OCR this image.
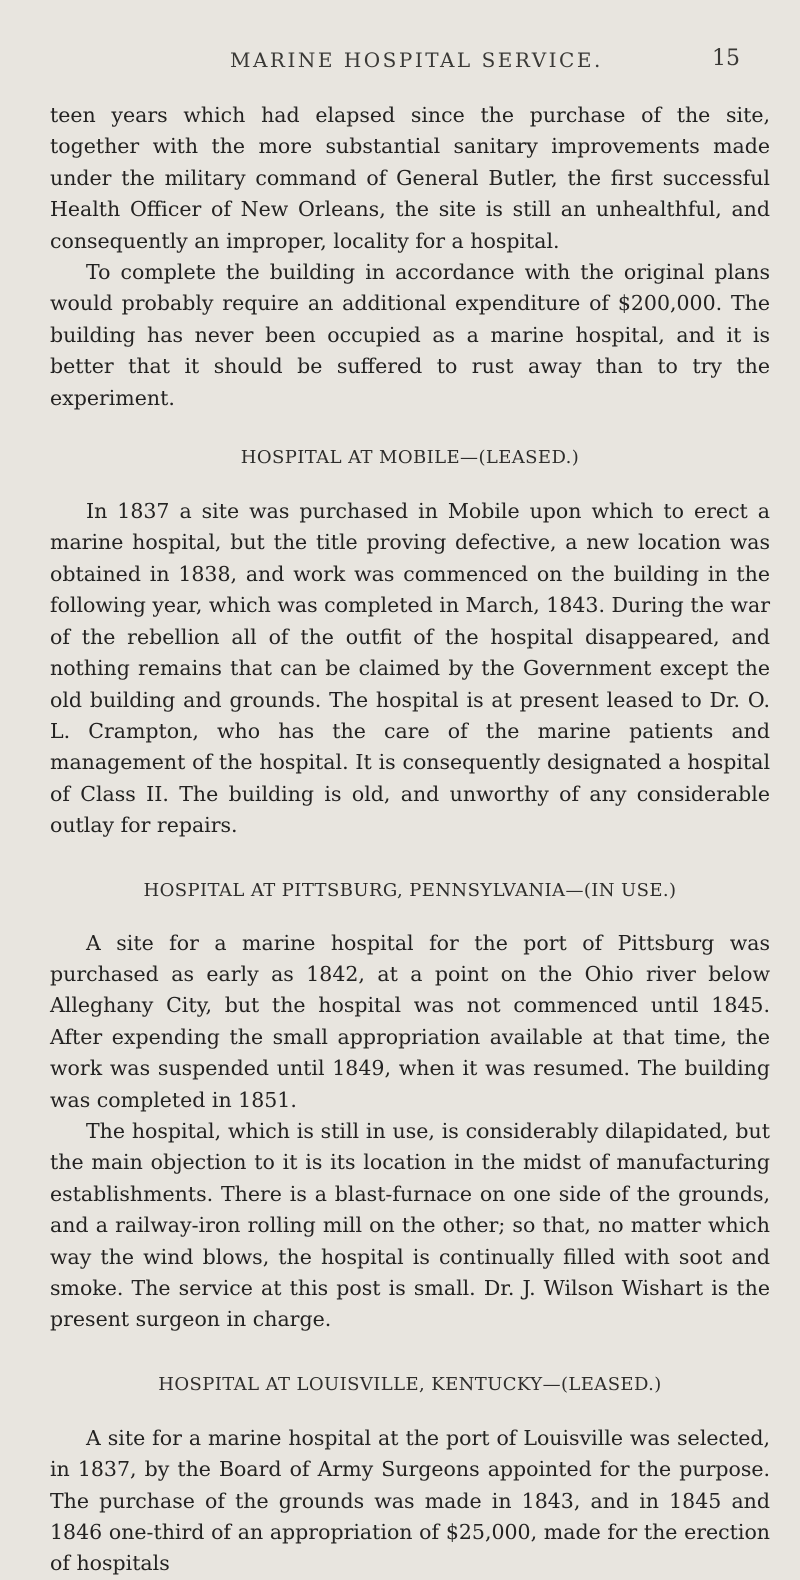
MARINE HOSPITAL SERVICE.	15

teen years which had elapsed since the purchase of the site, together with the more substantial sanitary improvements made under the military command of General Butler, the first successful Health Officer of New Orleans, the site is still an unhealthful, and consequently an improper, locality for a hospital.

To complete the building in accordance with the original plans would probably require an additional expenditure of $200,000. The building has never been occupied as a marine hospital, and it is better that it should be suffered to rust away than to try the experiment.

HOSPITAL AT MOBILE—(LEASED.)

In 1837 a site was purchased in Mobile upon which to erect a marine hospital, but the title proving defective, a new location was obtained in 1838, and work was commenced on the building in the following year, which was completed in March, 1843. During the war of the rebellion all of the outfit of the hospital disappeared, and nothing remains that can be claimed by the Government except the old building and grounds. The hospital is at present leased to Dr. O. L. Crampton, who has the care of the marine patients and management of the hospital. It is consequently designated a hospital of Class II. The building is old, and unworthy of any considerable outlay for repairs.

HOSPITAL AT PITTSBURG, PENNSYLVANIA—(IN USE.)

A site for a marine hospital for the port of Pittsburg was purchased as early as 1842, at a point on the Ohio river below Alleghany City, but the hospital was not commenced until 1845. After expending the small appropriation available at that time, the work was suspended until 1849, when it was resumed. The building was completed in 1851.

The hospital, which is still in use, is considerably dilapidated, but the main objection to it is its location in the midst of manufacturing establishments. There is a blast-furnace on one side of the grounds, and a railway-iron rolling mill on the other; so that, no matter which way the wind blows, the hospital is continually filled with soot and smoke. The service at this post is small. Dr. J. Wilson Wishart is the present surgeon in charge.

HOSPITAL AT LOUISVILLE, KENTUCKY—(LEASED.)

A site for a marine hospital at the port of Louisville was selected, in 1837, by the Board of Army Surgeons appointed for the purpose. The purchase of the grounds was made in 1843, and in 1845 and 1846 one-third of an appropriation of $25,000, made for the erection of hospitals
